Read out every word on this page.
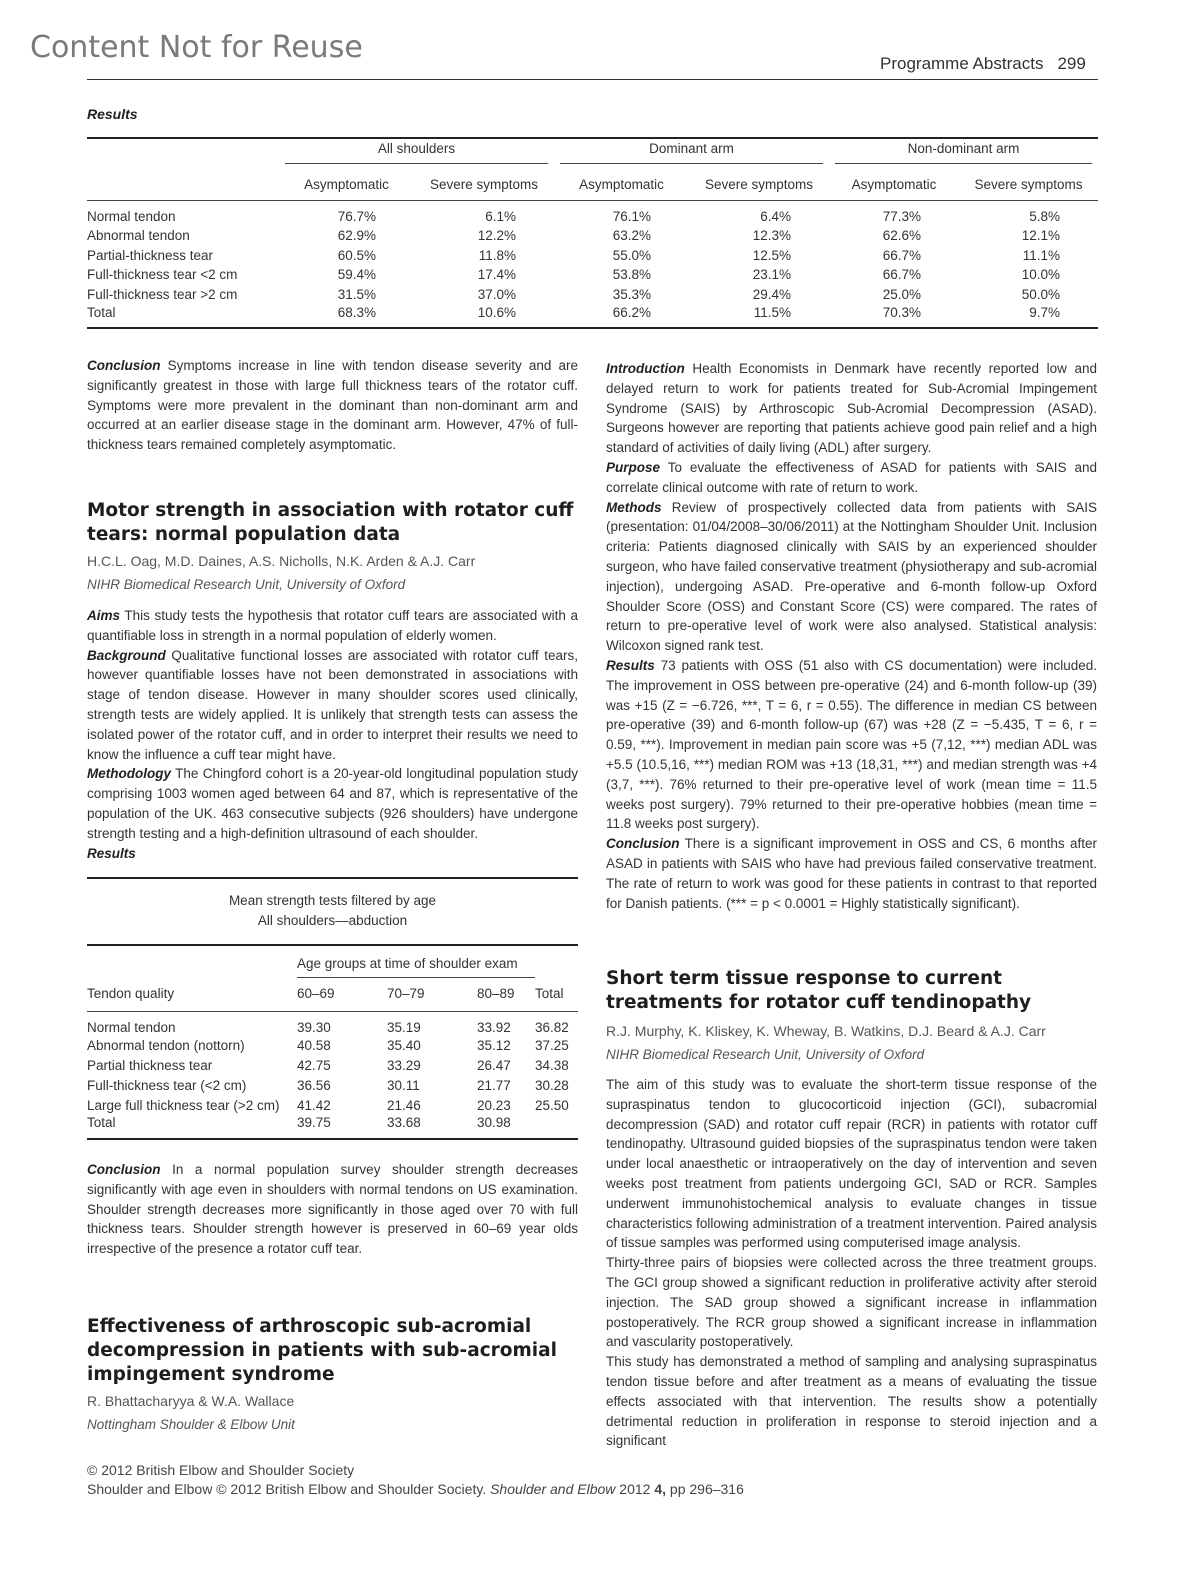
Content Not for Reuse	Programme Abstracts 299
Results

	All shoulders		Dominant arm		Non-dominant arm	

	Asymptomatic	Severe symptoms	Asymptomatic	Severe symptoms	Asymptomatic	Severe symptoms
Normal tendon	76.7%	6.1%	76.1%	6.4%	77.3%	5.8%
Abnormal tendon	62.9%	12.2%	63.2%	12.3%	62.6%	12.1%
Partial-thickness tear	60.5%	11.8%	55.0%	12.5%	66.7%	11.1%
Full-thickness tear <2 cm	59.4%	17.4%	53.8%	23.1%	66.7%	10.0%
Full-thickness tear >2 cm	31.5%	37.0%	35.3%	29.4%	25.0%	50.0%
Total	68.3%	10.6%	66.2%	11.5%	70.3%	9.7%
Conclusion Symptoms increase in line with tendon disease severity and are significantly greatest in those with large full thickness tears of the rotator cuff. Symptoms were more prevalent in the dominant than non-dominant arm and occurred at an earlier disease stage in the dominant arm. However, 47% of full-thickness tears remained completely asymptomatic.
Motor strength in association with rotator cuff tears: normal population data
H.C.L. Oag, M.D. Daines, A.S. Nicholls, N.K. Arden & A.J. Carr
NIHR Biomedical Research Unit, University of Oxford
Aims This study tests the hypothesis that rotator cuff tears are associated with a quantifiable loss in strength in a normal population of elderly women.
Background Qualitative functional losses are associated with rotator cuff tears, however quantifiable losses have not been demonstrated in associations with stage of tendon disease. However in many shoulder scores used clinically, strength tests are widely applied. It is unlikely that strength tests can assess the isolated power of the rotator cuff, and in order to interpret their results we need to know the influence a cuff tear might have.
Methodology The Chingford cohort is a 20-year-old longitudinal population study comprising 1003 women aged between 64 and 87, which is representative of the population of the UK. 463 consecutive subjects (926 shoulders) have undergone strength testing and a high-definition ultrasound of each shoulder.
Results
Mean strength tests filtered by age
All shoulders—abduction				

	Age groups at time of shoulder exam			

Tendon quality	60–69	70–79	80–89	Total
Normal tendon	39.30	35.19	33.92	36.82
Abnormal tendon (nottorn)	40.58	35.40	35.12	37.25
Partial thickness tear	42.75	33.29	26.47	34.38
Full-thickness tear (<2 cm)	36.56	30.11	21.77	30.28
Large full thickness tear (>2 cm)	41.42	21.46	20.23	25.50
Total	39.75	33.68	30.98	
Conclusion In a normal population survey shoulder strength decreases significantly with age even in shoulders with normal tendons on US examination. Shoulder strength decreases more significantly in those aged over 70 with full thickness tears. Shoulder strength however is preserved in 60–69 year olds irrespective of the presence a rotator cuff tear.
Effectiveness of arthroscopic sub-acromial decompression in patients with sub-acromial impingement syndrome
R. Bhattacharyya & W.A. Wallace
Nottingham Shoulder & Elbow Unit
Introduction Health Economists in Denmark have recently reported low and delayed return to work for patients treated for Sub-Acromial Impingement Syndrome (SAIS) by Arthroscopic Sub-Acromial Decompression (ASAD). Surgeons however are reporting that patients achieve good pain relief and a high standard of activities of daily living (ADL) after surgery.
Purpose To evaluate the effectiveness of ASAD for patients with SAIS and correlate clinical outcome with rate of return to work.
Methods Review of prospectively collected data from patients with SAIS (presentation: 01/04/2008–30/06/2011) at the Nottingham Shoulder Unit. Inclusion criteria: Patients diagnosed clinically with SAIS by an experienced shoulder surgeon, who have failed conservative treatment (physiotherapy and sub-acromial injection), undergoing ASAD. Pre-operative and 6-month follow-up Oxford Shoulder Score (OSS) and Constant Score (CS) were compared. The rates of return to pre-operative level of work were also analysed. Statistical analysis: Wilcoxon signed rank test.
Results 73 patients with OSS (51 also with CS documentation) were included. The improvement in OSS between pre-operative (24) and 6-month follow-up (39) was +15 (Z = −6.726, ***, T = 6, r = 0.55). The difference in median CS between pre-operative (39) and 6-month follow-up (67) was +28 (Z = −5.435, T = 6, r = 0.59, ***). Improvement in median pain score was +5 (7,12, ***) median ADL was +5.5 (10.5,16, ***) median ROM was +13 (18,31, ***) and median strength was +4 (3,7, ***). 76% returned to their pre-operative level of work (mean time = 11.5 weeks post surgery). 79% returned to their pre-operative hobbies (mean time = 11.8 weeks post surgery).
Conclusion There is a significant improvement in OSS and CS, 6 months after ASAD in patients with SAIS who have had previous failed conservative treatment. The rate of return to work was good for these patients in contrast to that reported for Danish patients. (*** = p < 0.0001 = Highly statistically significant).
Short term tissue response to current treatments for rotator cuff tendinopathy
R.J. Murphy, K. Kliskey, K. Wheway, B. Watkins, D.J. Beard & A.J. Carr
NIHR Biomedical Research Unit, University of Oxford
The aim of this study was to evaluate the short-term tissue response of the supraspinatus tendon to glucocorticoid injection (GCI), subacromial decompression (SAD) and rotator cuff repair (RCR) in patients with rotator cuff tendinopathy. Ultrasound guided biopsies of the supraspinatus tendon were taken under local anaesthetic or intraoperatively on the day of intervention and seven weeks post treatment from patients undergoing GCI, SAD or RCR. Samples underwent immunohistochemical analysis to evaluate changes in tissue characteristics following administration of a treatment intervention. Paired analysis of tissue samples was performed using computerised image analysis.
Thirty-three pairs of biopsies were collected across the three treatment groups. The GCI group showed a significant reduction in proliferative activity after steroid injection. The SAD group showed a significant increase in inflammation postoperatively. The RCR group showed a significant increase in inflammation and vascularity postoperatively.
This study has demonstrated a method of sampling and analysing supraspinatus tendon tissue before and after treatment as a means of evaluating the tissue effects associated with that intervention. The results show a potentially detrimental reduction in proliferation in response to steroid injection and a significant
© 2012 British Elbow and Shoulder Society
Shoulder and Elbow © 2012 British Elbow and Shoulder Society. Shoulder and Elbow 2012 4, pp 296–316
